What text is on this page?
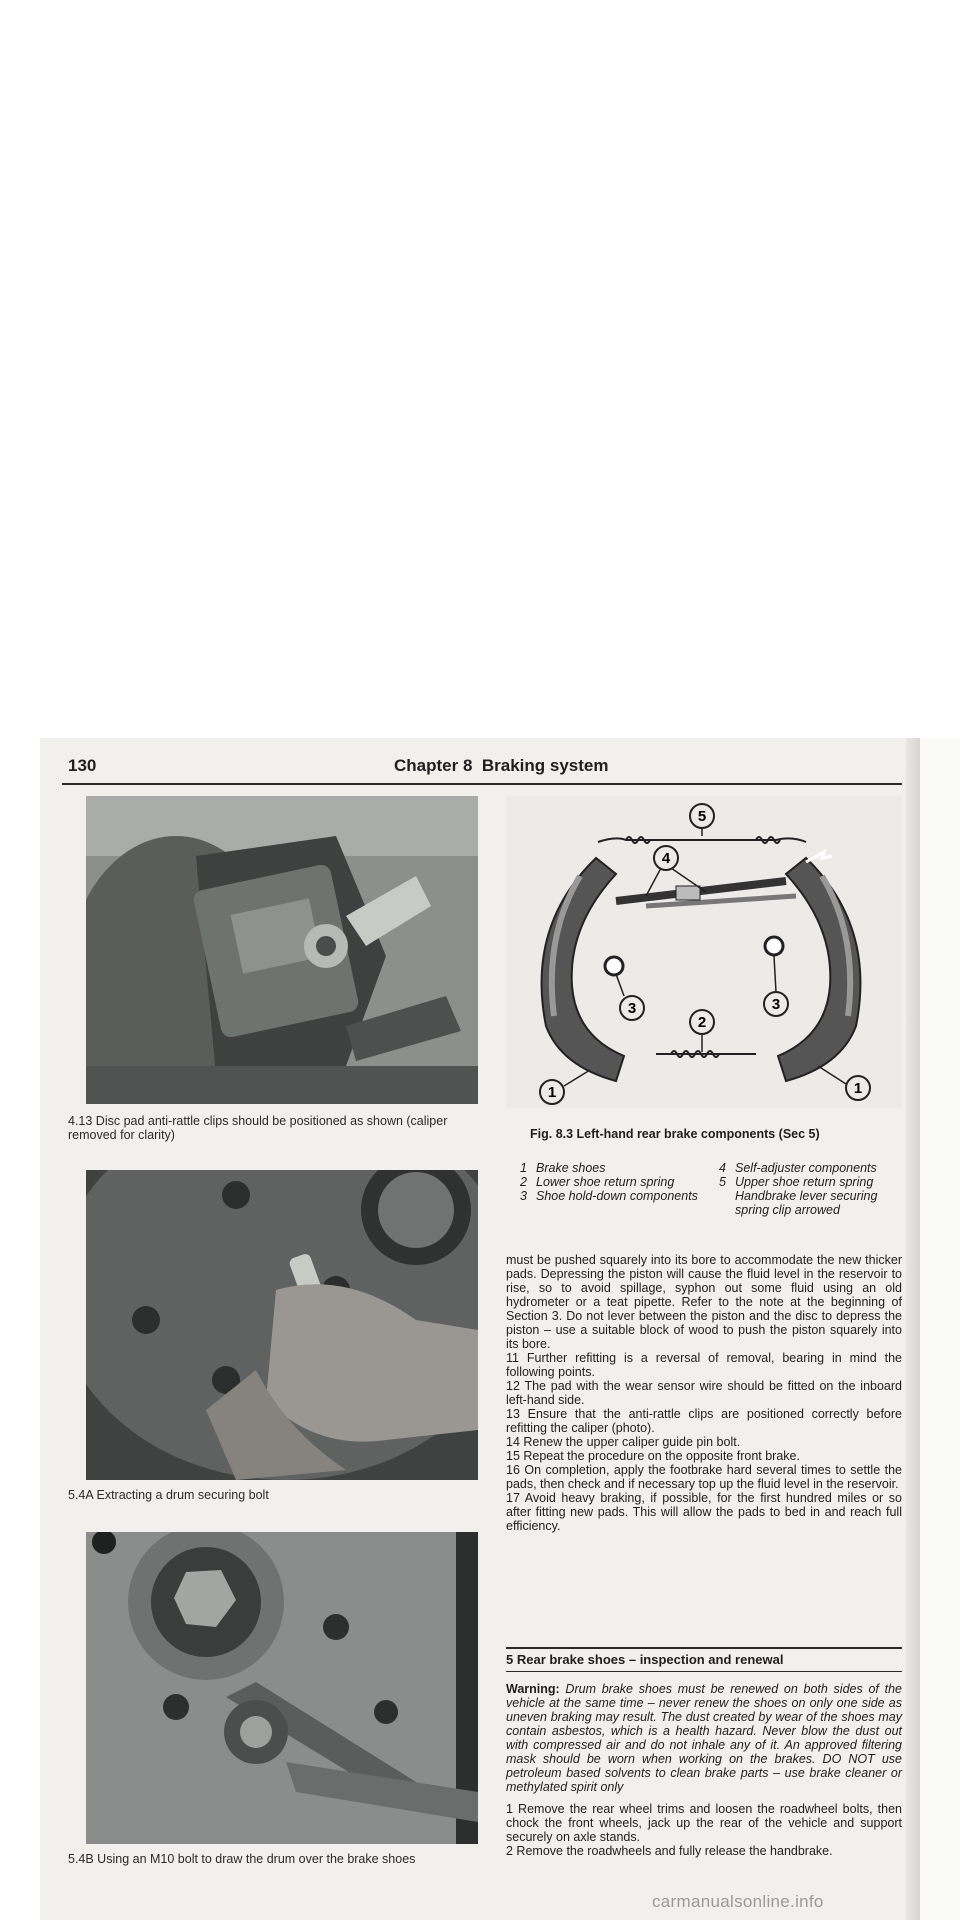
130	Chapter 8  Braking system
4.13 Disc pad anti-rattle clips should be positioned as shown (caliper removed for clarity)
5.4A Extracting a drum securing bolt
5.4B Using an M10 bolt to draw the drum over the brake shoes
5
4
3
2
3
1	1
Fig. 8.3 Left-hand rear brake components (Sec 5)
1 Brake shoes
2 Lower shoe return spring
3 Shoe hold-down components
4 Self-adjuster components
5 Upper shoe return spring Handbrake lever securing spring clip arrowed

must be pushed squarely into its bore to accommodate the new thicker pads. Depressing the piston will cause the fluid level in the reservoir to rise, so to avoid spillage, syphon out some fluid using an old hydrometer or a teat pipette. Refer to the note at the beginning of Section 3. Do not lever between the piston and the disc to depress the piston – use a suitable block of wood to push the piston squarely into its bore.

11 Further refitting is a reversal of removal, bearing in mind the following points.

12 The pad with the wear sensor wire should be fitted on the inboard left-hand side.

13 Ensure that the anti-rattle clips are positioned correctly before refitting the caliper (photo).

14 Renew the upper caliper guide pin bolt.

15 Repeat the procedure on the opposite front brake.

16 On completion, apply the footbrake hard several times to settle the pads, then check and if necessary top up the fluid level in the reservoir.

17 Avoid heavy braking, if possible, for the first hundred miles or so after fitting new pads. This will allow the pads to bed in and reach full efficiency.

5 Rear brake shoes – inspection and renewal
Warning: Drum brake shoes must be renewed on both sides of the vehicle at the same time – never renew the shoes on only one side as uneven braking may result. The dust created by wear of the shoes may contain asbestos, which is a health hazard. Never blow the dust out with compressed air and do not inhale any of it. An approved filtering mask should be worn when working on the brakes. DO NOT use petroleum based solvents to clean brake parts – use brake cleaner or methylated spirit only

1 Remove the rear wheel trims and loosen the roadwheel bolts, then chock the front wheels, jack up the rear of the vehicle and support securely on axle stands.

2 Remove the roadwheels and fully release the handbrake.

carmanualsonline.info
